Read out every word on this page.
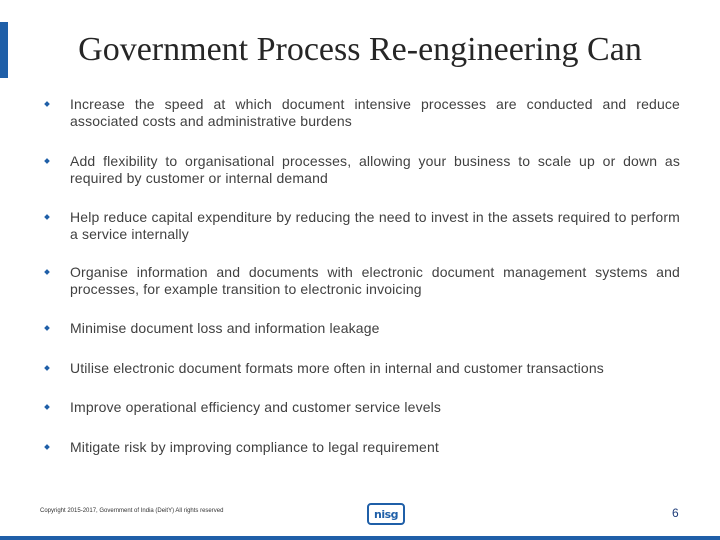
Government Process Re-engineering Can
Increase the speed at which document intensive processes are conducted and reduce associated costs and administrative burdens
Add flexibility to organisational processes, allowing your business to scale up or down as required by customer or internal demand
Help reduce capital expenditure by reducing the need to invest in the assets required to perform a service internally
Organise information and documents with electronic document management systems and processes, for example transition to electronic invoicing
Minimise document loss and information leakage
Utilise electronic document formats more often in internal and customer transactions
Improve operational efficiency and customer service levels
Mitigate risk by improving compliance to legal requirement
Copyright 2015-2017, Government of India (DeitY) All rights reserved	nisg	6
